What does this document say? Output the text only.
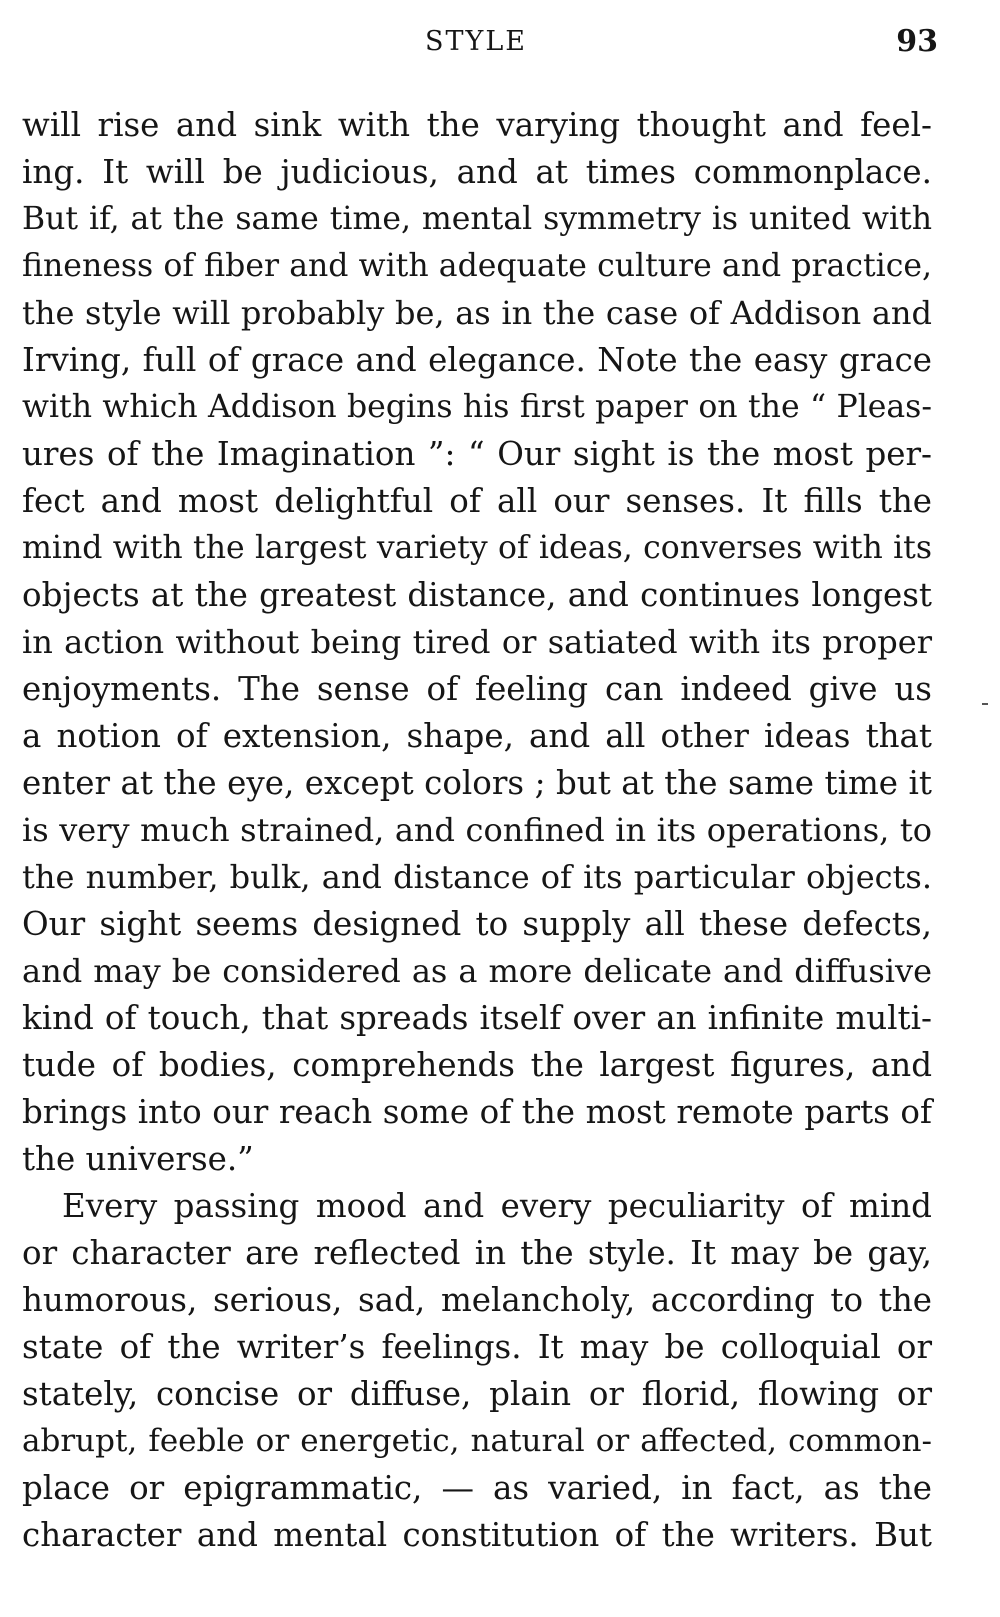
STYLE	93
will rise and sink with the varying thought and feel-
ing. It will be judicious, and at times commonplace.
But if, at the same time, mental symmetry is united with
fineness of fiber and with adequate culture and practice,
the style will probably be, as in the case of Addison and
Irving, full of grace and elegance. Note the easy grace
with which Addison begins his first paper on the “ Pleas-
ures of the Imagination ”: “ Our sight is the most per-
fect and most delightful of all our senses. It fills the
mind with the largest variety of ideas, converses with its
objects at the greatest distance, and continues longest
in action without being tired or satiated with its proper
enjoyments. The sense of feeling can indeed give us
a notion of extension, shape, and all other ideas that
enter at the eye, except colors ; but at the same time it
is very much strained, and confined in its operations, to
the number, bulk, and distance of its particular objects.
Our sight seems designed to supply all these defects,
and may be considered as a more delicate and diffusive
kind of touch, that spreads itself over an infinite multi-
tude of bodies, comprehends the largest figures, and
brings into our reach some of the most remote parts of
the universe.”
Every passing mood and every peculiarity of mind
or character are reflected in the style. It may be gay,
humorous, serious, sad, melancholy, according to the
state of the writer’s feelings. It may be colloquial or
stately, concise or diffuse, plain or florid, flowing or
abrupt, feeble or energetic, natural or affected, common-
place or epigrammatic, — as varied, in fact, as the
character and mental constitution of the writers. But
